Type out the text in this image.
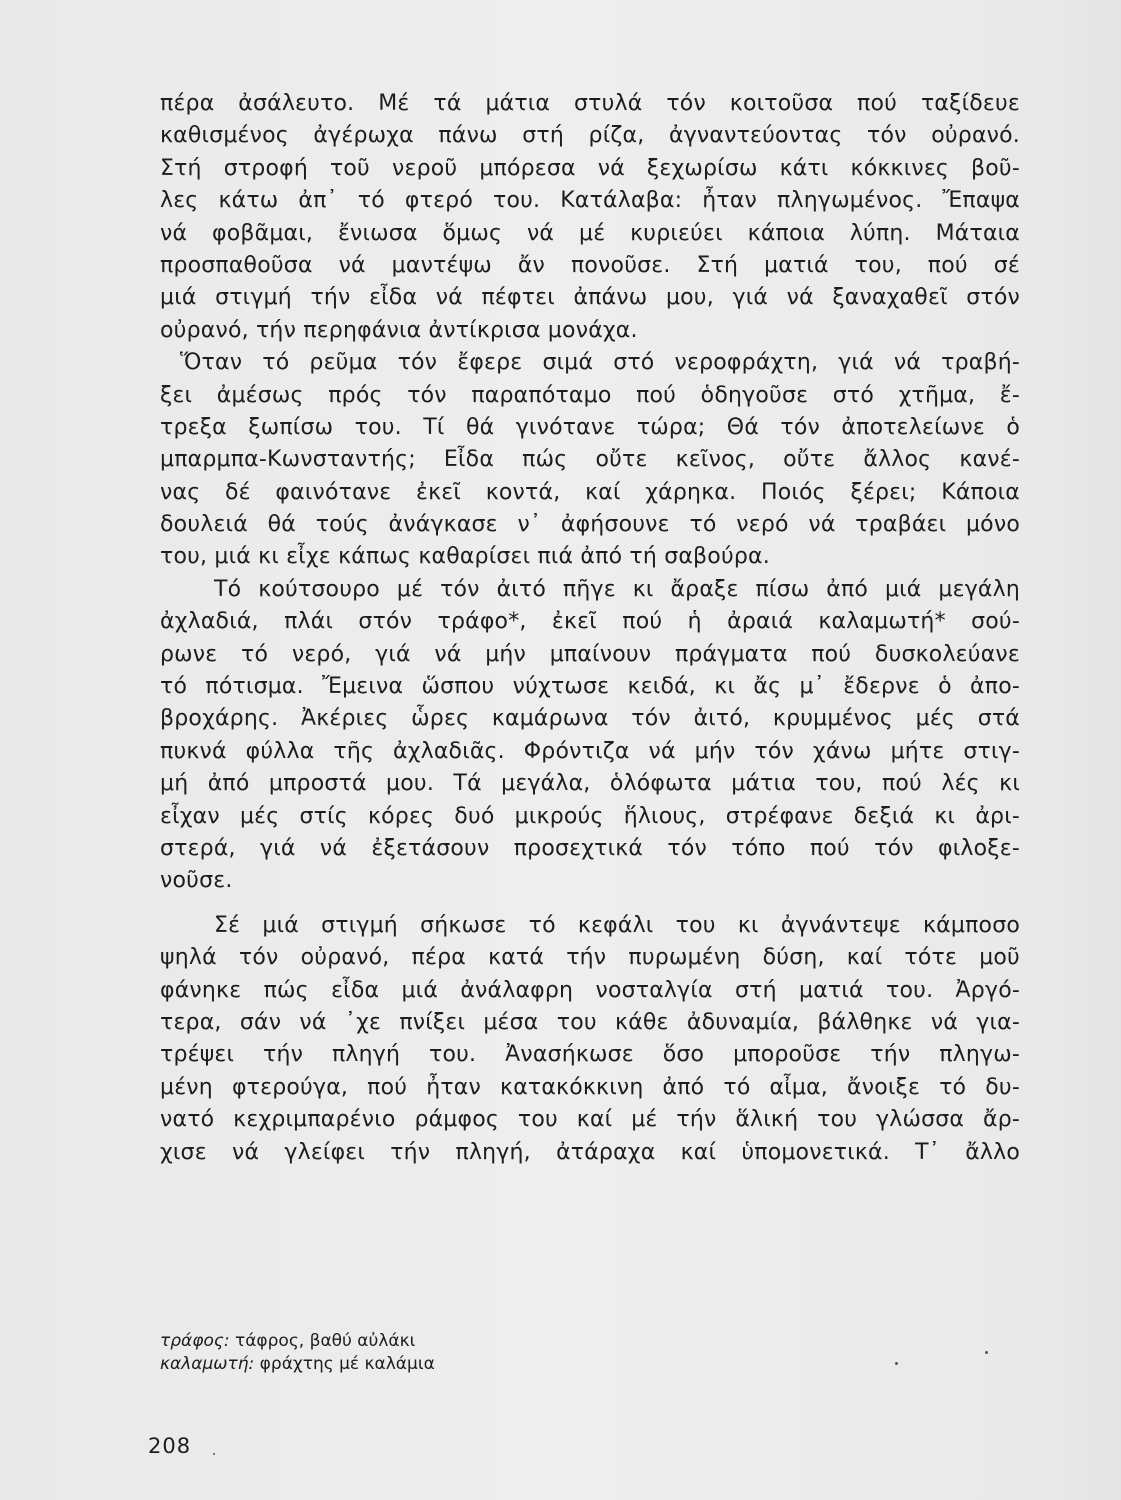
πέρα ἀσάλευτο. Μέ τά μάτια στυλά τόν κοιτοῦσα πού ταξίδευε
καθισμένος ἀγέρωχα πάνω στή ρίζα, ἀγναντεύοντας τόν οὐρανό.
Στή στροφή τοῦ νεροῦ μπόρεσα νά ξεχωρίσω κάτι κόκκινες βοῦ-
λες κάτω ἀπ᾽ τό φτερό του. Κατάλαβα: ἦταν πληγωμένος. Ἔπαψα
νά φοβᾶμαι, ἔνιωσα ὅμως νά μέ κυριεύει κάποια λύπη. Μάταια
προσπαθοῦσα νά μαντέψω ἄν πονοῦσε. Στή ματιά του, πού σέ
μιά στιγμή τήν εἶδα νά πέφτει ἀπάνω μου, γιά νά ξαναχαθεῖ στόν
οὐρανό, τήν περηφάνια ἀντίκρισα μονάχα.
Ὅταν τό ρεῦμα τόν ἔφερε σιμά στό νεροφράχτη, γιά νά τραβή-
ξει ἀμέσως πρός τόν παραπόταμο πού ὁδηγοῦσε στό χτῆμα, ἔ-
τρεξα ξωπίσω του. Τί θά γινότανε τώρα; Θά τόν ἀποτελείωνε ὁ
μπαρμπα-Κωνσταντής; Εἶδα πώς οὔτε κεῖνος, οὔτε ἄλλος κανέ-
νας δέ φαινότανε ἐκεῖ κοντά, καί χάρηκα. Ποιός ξέρει; Κάποια
δουλειά θά τούς ἀνάγκασε ν᾽ ἀφήσουνε τό νερό νά τραβάει μόνο
του, μιά κι εἶχε κάπως καθαρίσει πιά ἀπό τή σαβούρα.
Τό κούτσουρο μέ τόν ἀιτό πῆγε κι ἄραξε πίσω ἀπό μιά μεγάλη
ἀχλαδιά, πλάι στόν τράφο*, ἐκεῖ πού ἡ ἀραιά καλαμωτή* σού-
ρωνε τό νερό, γιά νά μήν μπαίνουν πράγματα πού δυσκολεύανε
τό πότισμα. Ἔμεινα ὥσπου νύχτωσε κειδά, κι ἄς μ᾽ ἔδερνε ὁ ἀπο-
βροχάρης. Ἀκέριες ὧρες καμάρωνα τόν ἀιτό, κρυμμένος μές στά
πυκνά φύλλα τῆς ἀχλαδιᾶς. Φρόντιζα νά μήν τόν χάνω μήτε στιγ-
μή ἀπό μπροστά μου. Τά μεγάλα, ὁλόφωτα μάτια του, πού λές κι
εἶχαν μές στίς κόρες δυό μικρούς ἥλιους, στρέφανε δεξιά κι ἀρι-
στερά, γιά νά ἐξετάσουν προσεχτικά τόν τόπο πού τόν φιλοξε-
νοῦσε.
Σέ μιά στιγμή σήκωσε τό κεφάλι του κι ἀγνάντεψε κάμποσο
ψηλά τόν οὐρανό, πέρα κατά τήν πυρωμένη δύση, καί τότε μοῦ
φάνηκε πώς εἶδα μιά ἀνάλαφρη νοσταλγία στή ματιά του. Ἀργό-
τερα, σάν νά ᾽χε πνίξει μέσα του κάθε ἀδυναμία, βάλθηκε νά για-
τρέψει τήν πληγή του. Ἀνασήκωσε ὅσο μποροῦσε τήν πληγω-
μένη φτερούγα, πού ἦταν κατακόκκινη ἀπό τό αἶμα, ἄνοιξε τό δυ-
νατό κεχριμπαρένιο ράμφος του καί μέ τήν ἅλική του γλώσσα ἄρ-
χισε νά γλείφει τήν πληγή, ἀτάραχα καί ὑπομονετικά. Τ᾽ ἄλλο
τράφος: τάφρος, βαθύ αὐλάκι
καλαμωτή: φράχτης μέ καλάμια
208
